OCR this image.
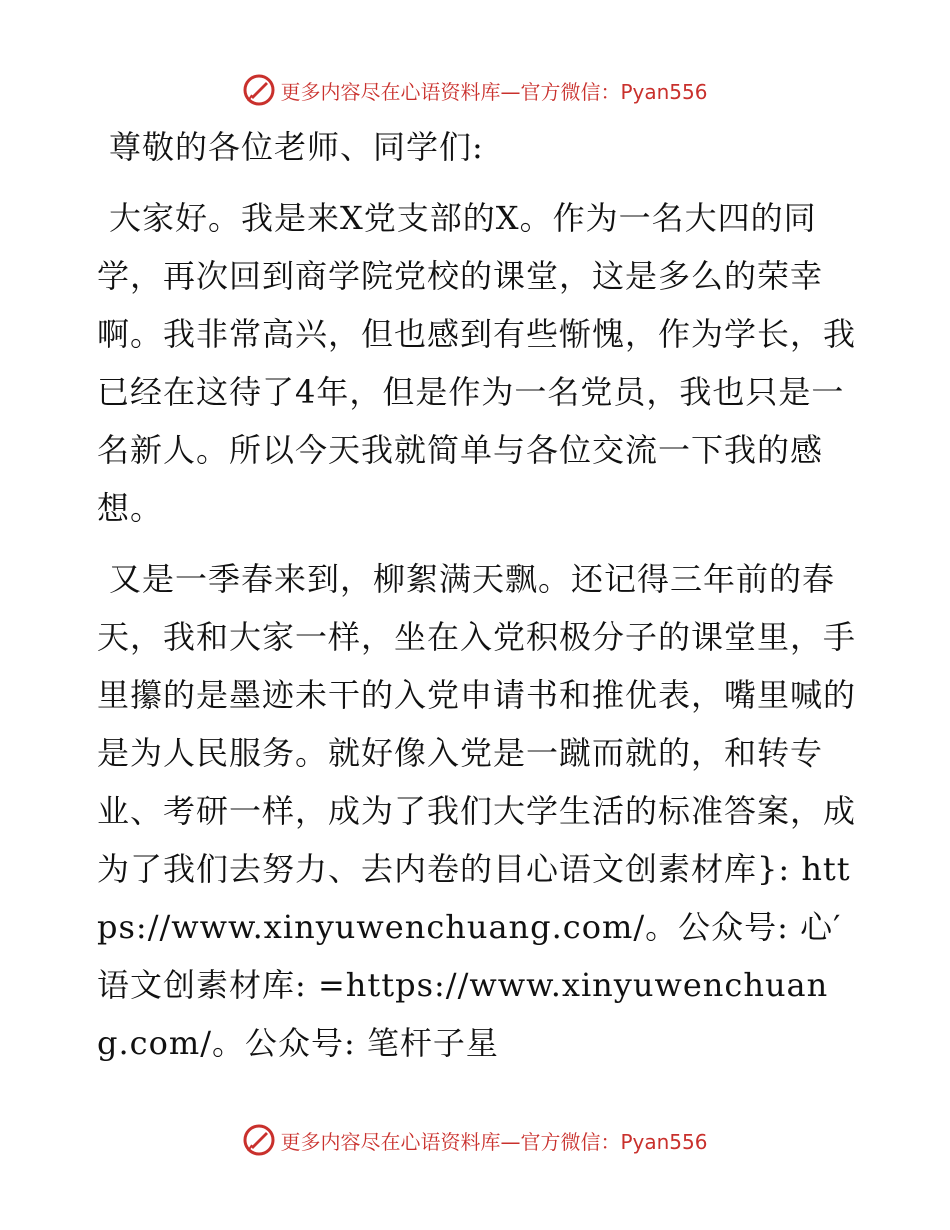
更多内容尽在心语资料库—官方微信：Pyan556

尊敬的各位老师、同学们:

大家好。我是来X党支部的X。作为一名大四的同学，再次回到商学院党校的课堂，这是多么的荣幸啊。我非常高兴，但也感到有些惭愧，作为学长，我已经在这待了4年，但是作为一名党员，我也只是一名新人。所以今天我就简单与各位交流一下我的感想。

又是一季春来到，柳絮满天飘。还记得三年前的春天，我和大家一样，坐在入党积极分子的课堂里，手里攥的是墨迹未干的入党申请书和推优表，嘴里喊的是为人民服务。就好像入党是一蹴而就的，和转专业、考研一样，成为了我们大学生活的标准答案，成为了我们去努力、去内卷的目心语文创素材库}: https://www.xinyuwenchuang.com/。公众号: 心′语文创素材库: =https://www.xinyuwenchuang.com/。公众号: 笔杆子星

更多内容尽在心语资料库—官方微信：Pyan556
